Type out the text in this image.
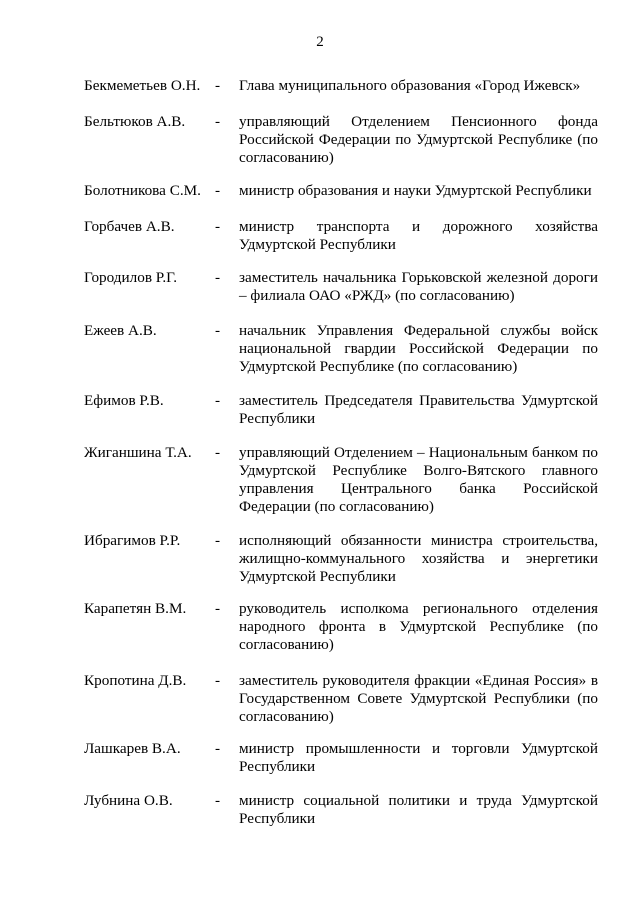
2
Бекмеметьев О.Н. - Глава муниципального образования «Город Ижевск»
Бельтюков А.В. - управляющий Отделением Пенсионного фонда Российской Федерации по Удмуртской Республике (по согласованию)
Болотникова С.М. - министр образования и науки Удмуртской Республики
Горбачев А.В.	- министр транспорта и дорожного хозяйства Удмуртской Республики
Городилов Р.Г.	- заместитель начальника Горьковской железной дороги – филиала ОАО «РЖД» (по согласованию)
Ежеев А.В.	- начальник Управления Федеральной службы войск национальной гвардии Российской Федерации по Удмуртской Республике (по согласованию)
Ефимов Р.В.	- заместитель Председателя Правительства Удмуртской Республики
Жиганшина Т.А. - управляющий Отделением – Национальным банком по Удмуртской Республике Волго-Вятского главного управления Центрального банка Российской Федерации (по согласованию)
Ибрагимов Р.Р. - исполняющий обязанности министра строительства, жилищно-коммунального хозяйства и энергетики Удмуртской Республики
Карапетян В.М. - руководитель исполкома регионального отделения народного фронта в Удмуртской Республике (по согласованию)
Кропотина Д.В. - заместитель руководителя фракции «Единая Россия» в Государственном Совете Удмуртской Республики (по согласованию)
Лашкарев В.А. - министр промышленности и торговли Удмуртской Республики
Лубнина О.В.	- министр социальной политики и труда Удмуртской Республики
